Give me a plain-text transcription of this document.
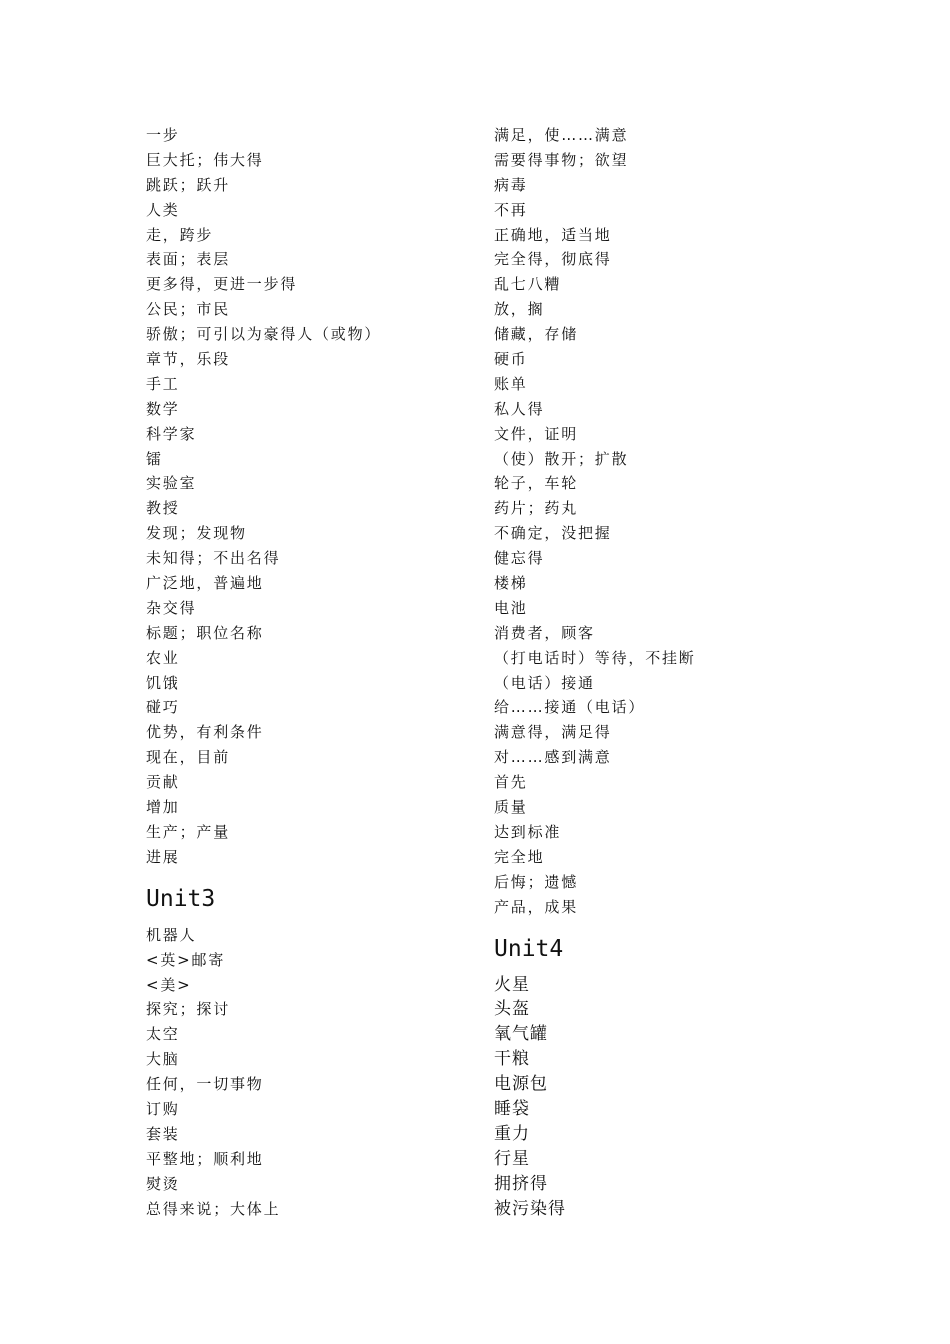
一步
巨大托；伟大得
跳跃；跃升
人类
走，跨步
表面；表层
更多得，更进一步得
公民；市民
骄傲；可引以为豪得人（或物）
章节，乐段
手工
数学
科学家
镭
实验室
教授
发现；发现物
未知得；不出名得
广泛地，普遍地
杂交得
标题；职位名称
农业
饥饿
碰巧
优势，有利条件
现在，目前
贡献
增加
生产；产量
进展
Unit3
机器人
<英>邮寄
<美>
探究；探讨
太空
大脑
任何，一切事物
订购
套装
平整地；顺利地
熨烫
总得来说；大体上
满足，使……满意
需要得事物；欲望
病毒
不再
正确地，适当地
完全得，彻底得
乱七八糟
放，搁
储藏，存储
硬币
账单
私人得
文件，证明
（使）散开；扩散
轮子，车轮
药片；药丸
不确定，没把握
健忘得
楼梯
电池
消费者，顾客
（打电话时）等待，不挂断
（电话）接通
给……接通（电话）
满意得，满足得
对……感到满意
首先
质量
达到标准
完全地
后悔；遗憾
产品，成果
Unit4
火星
头盔
氧气罐
干粮
电源包
睡袋
重力
行星
拥挤得
被污染得
